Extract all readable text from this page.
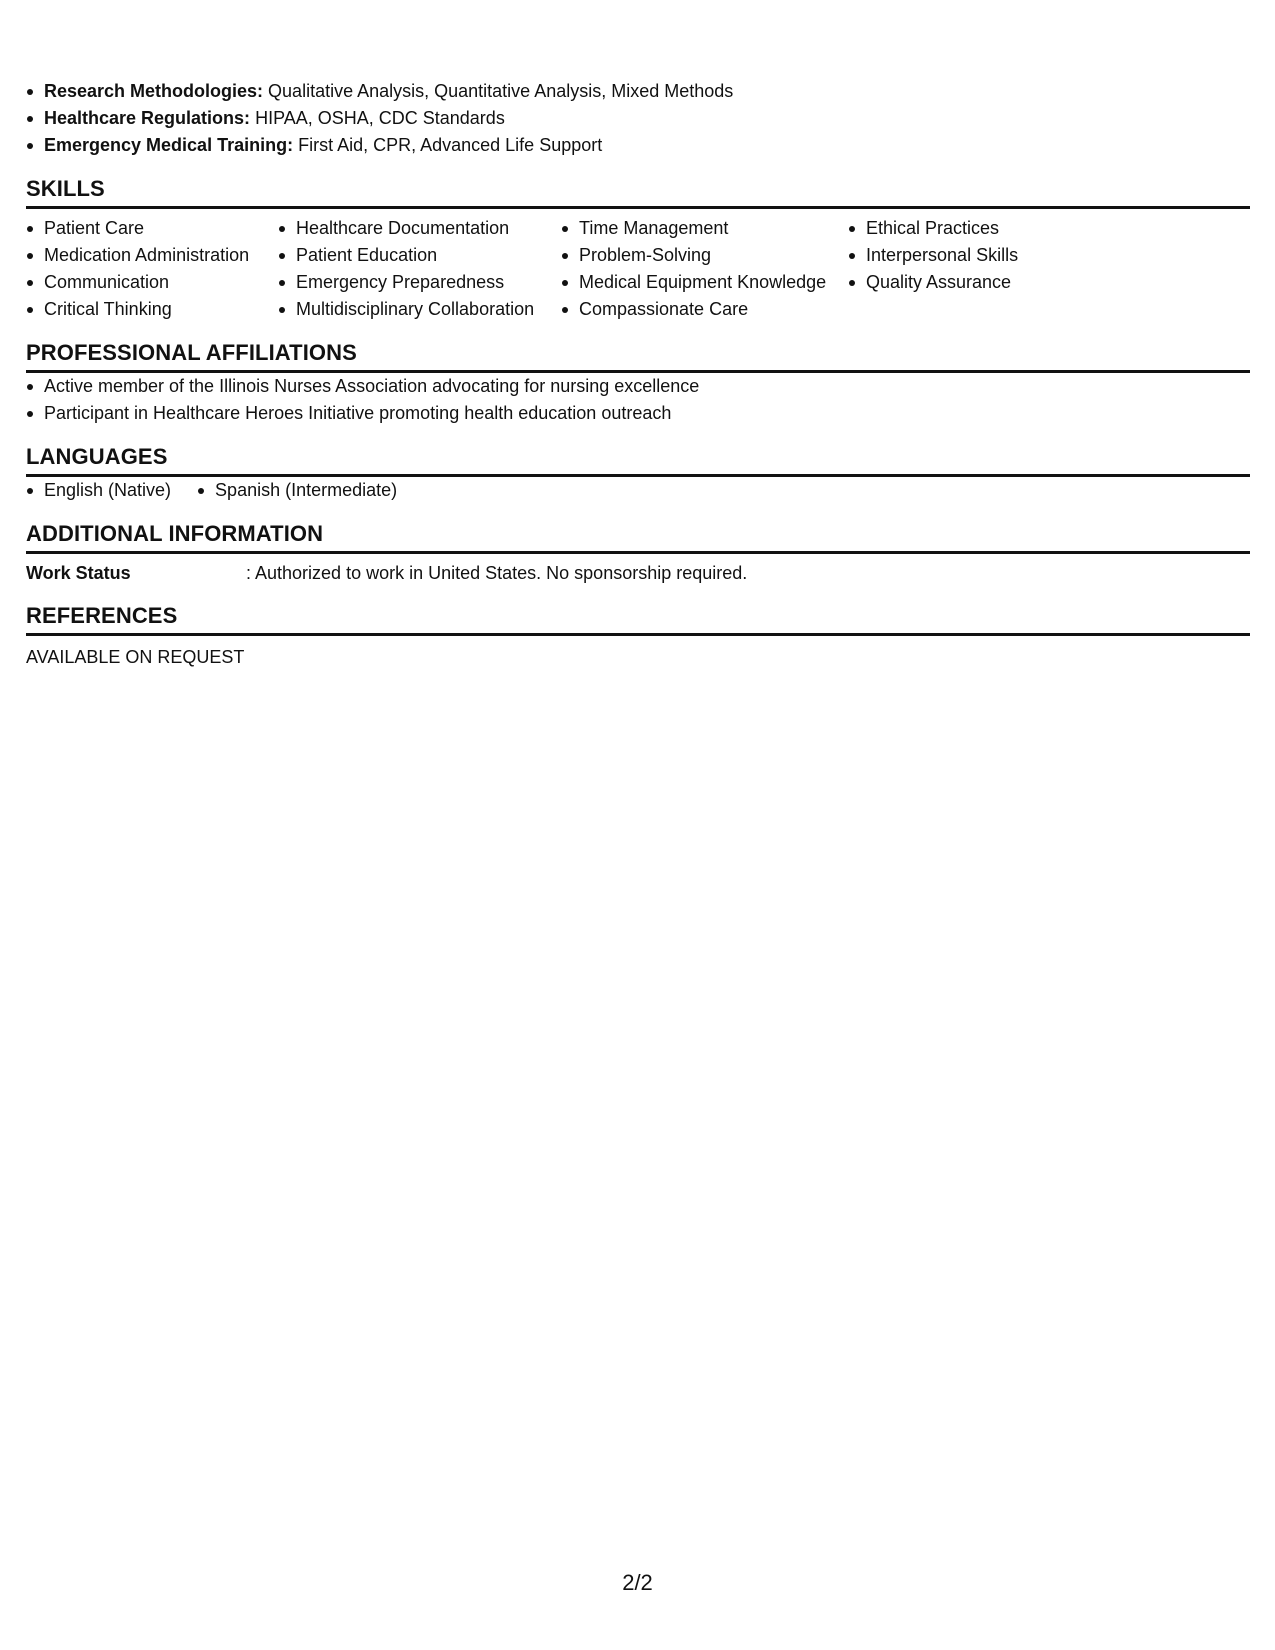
Research Methodologies: Qualitative Analysis, Quantitative Analysis, Mixed Methods
Healthcare Regulations: HIPAA, OSHA, CDC Standards
Emergency Medical Training: First Aid, CPR, Advanced Life Support
SKILLS
Patient Care
Medication Administration
Communication
Critical Thinking
Healthcare Documentation
Patient Education
Emergency Preparedness
Multidisciplinary Collaboration
Time Management
Problem-Solving
Medical Equipment Knowledge
Compassionate Care
Ethical Practices
Interpersonal Skills
Quality Assurance
PROFESSIONAL AFFILIATIONS
Active member of the Illinois Nurses Association advocating for nursing excellence
Participant in Healthcare Heroes Initiative promoting health education outreach
LANGUAGES
English (Native)	Spanish (Intermediate)
ADDITIONAL INFORMATION
Work Status	: Authorized to work in United States. No sponsorship required.
REFERENCES
AVAILABLE ON REQUEST
2/2
